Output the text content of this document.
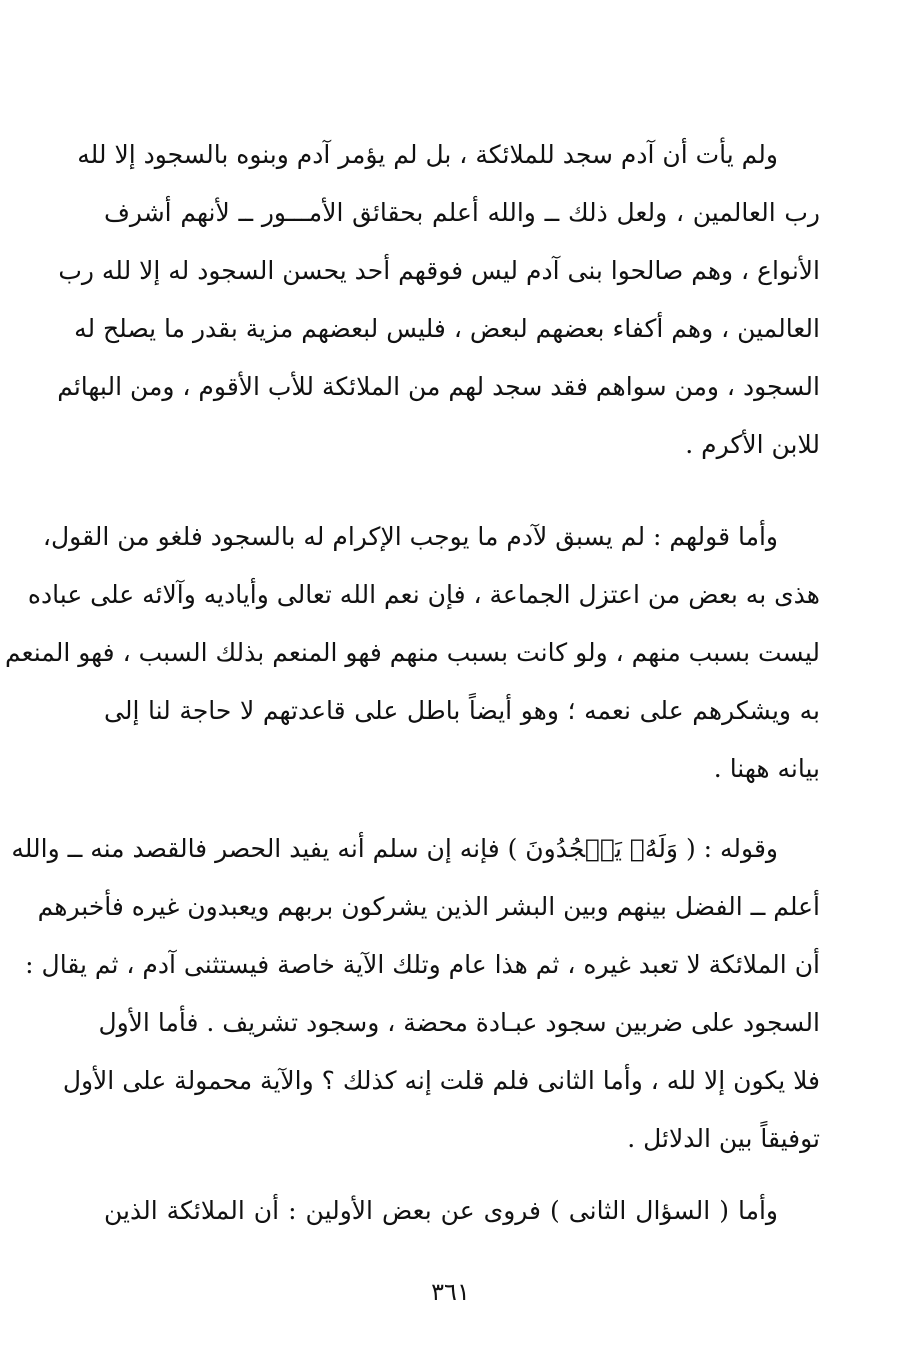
ولم يأت أن آدم سجد للملائكة ، بل لم يؤمر آدم وبنوه بالسجود إلا لله
رب العالمين ، ولعل ذلك ــ والله أعلم بحقائق الأمـــور ــ لأنهم أشرف
الأنواع ، وهم صالحوا بنى آدم ليس فوقهم أحد يحسن السجود له إلا لله رب
العالمين ، وهم أكفاء بعضهم لبعض ، فليس لبعضهم مزية بقدر ما يصلح له
السجود ، ومن سواهم فقد سجد لهم من الملائكة للأب الأقوم ، ومن البهائم
للابن الأكرم .
وأما قولهم : لم يسبق لآدم ما يوجب الإكرام له بالسجود فلغو من القول،
هذى به بعض من اعتزل الجماعة ، فإن نعم الله تعالى وأياديه وآلائه على عباده
ليست بسبب منهم ، ولو كانت بسبب منهم فهو المنعم بذلك السبب ، فهو المنعم
به ويشكرهم على نعمه ؛ وهو أيضاً باطل على قاعدتهم لا حاجة لنا إلى
بيانه ههنا .
وقوله : ( وَلَهُۥ يَسۡجُدُونَ ) فإنه إن سلم أنه يفيد الحصر فالقصد منه ــ والله
أعلم ــ الفضل بينهم وبين البشر الذين يشركون بربهم ويعبدون غيره فأخبرهم
أن الملائكة لا تعبد غيره ، ثم هذا عام وتلك الآية خاصة فيستثنى آدم ، ثم يقال :
السجود على ضربين سجود عبـادة محضة ، وسجود تشريف . فأما الأول
فلا يكون إلا لله ، وأما الثانى فلم قلت إنه كذلك ؟ والآية محمولة على الأول
توفيقاً بين الدلائل .
وأما ( السؤال الثانى ) فروى عن بعض الأولين : أن الملائكة الذين
٣٦١
